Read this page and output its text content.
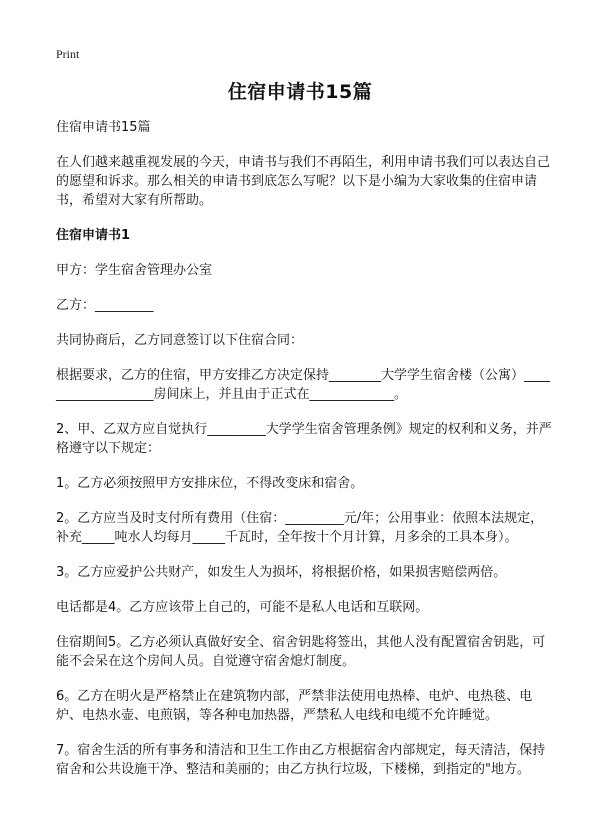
Print
住宿申请书15篇

住宿申请书15篇

在人们越来越重视发展的今天，申请书与我们不再陌生，利用申请书我们可以表达自己的愿望和诉求。那么相关的申请书到底怎么写呢？以下是小编为大家收集的住宿申请书，希望对大家有所帮助。

住宿申请书1

甲方：学生宿舍管理办公室

乙方：_________

共同协商后，乙方同意签订以下住宿合同：

根据要求，乙方的住宿，甲方安排乙方决定保持________大学学生宿舍楼（公寓）___________________房间床上，并且由于正式在_____________。

2、甲、乙双方应自觉执行_________大学学生宿舍管理条例》规定的权利和义务，并严格遵守以下规定：

1。乙方必须按照甲方安排床位，不得改变床和宿舍。

2。乙方应当及时支付所有费用（住宿：_________元/年；公用事业：依照本法规定，补充_____吨水人均每月_____千瓦时，全年按十个月计算，月多余的工具本身）。

3。乙方应爱护公共财产，如发生人为损坏，将根据价格，如果损害赔偿两倍。

电话都是4。乙方应该带上自己的，可能不是私人电话和互联网。

住宿期间5。乙方必须认真做好安全、宿舍钥匙将签出，其他人没有配置宿舍钥匙，可能不会呆在这个房间人员。自觉遵守宿舍熄灯制度。

6。乙方在明火是严格禁止在建筑物内部，严禁非法使用电热棒、电炉、电热毯、电炉、电热水壶、电煎锅，等各种电加热器，严禁私人电线和电缆不允许睡觉。

7。宿舍生活的所有事务和清洁和卫生工作由乙方根据宿舍内部规定，每天清洁，保持宿舍和公共设施干净、整洁和美丽的；由乙方执行垃圾，下楼梯，到指定的"地方。
